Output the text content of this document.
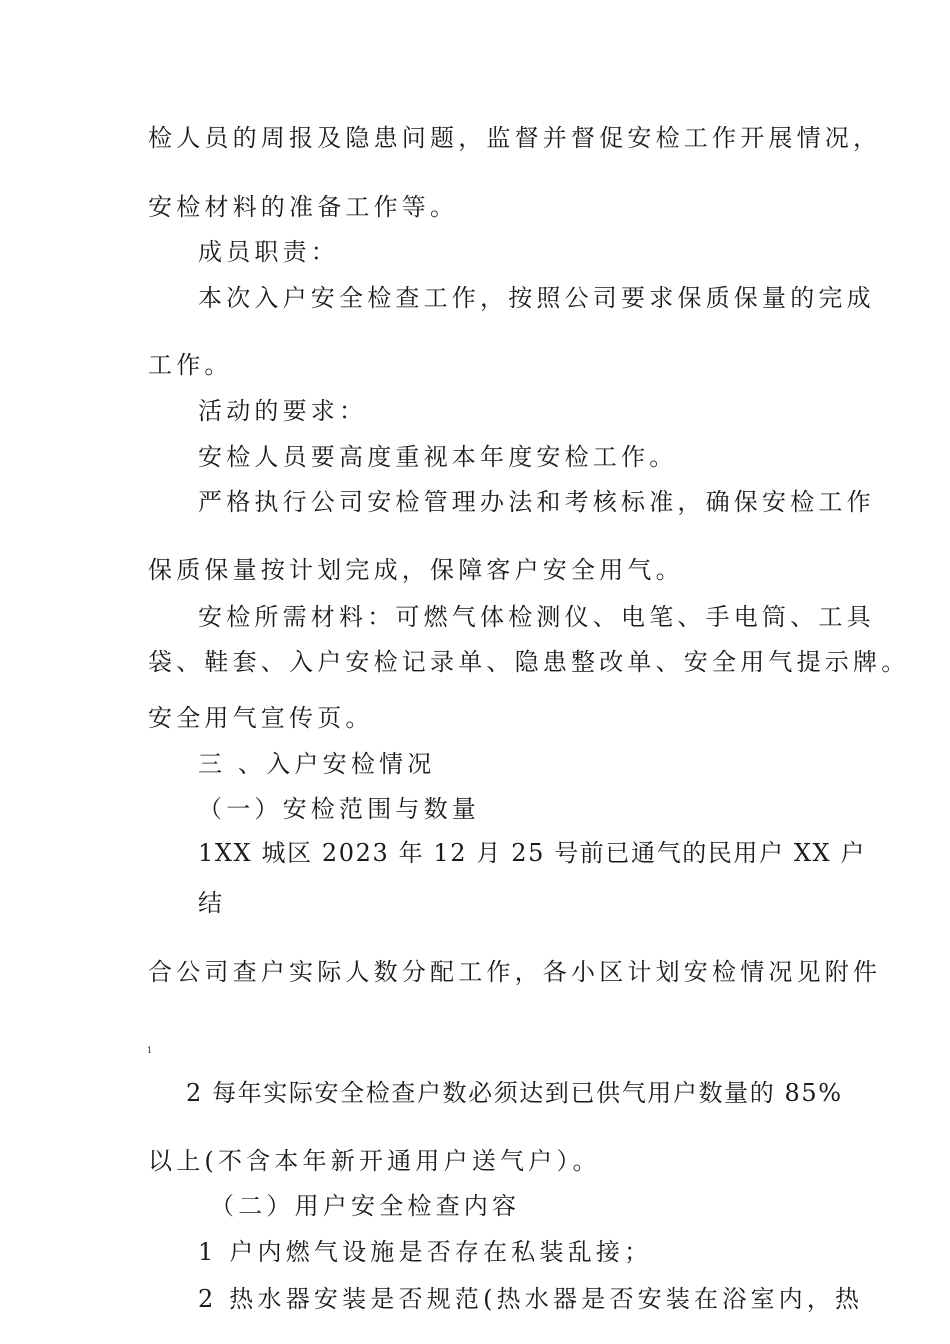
检人员的周报及隐患问题，监督并督促安检工作开展情况，
安检材料的准备工作等。
成员职责：
本次入户安全检查工作，按照公司要求保质保量的完成
工作。
活动的要求：
安检人员要高度重视本年度安检工作。
严格执行公司安检管理办法和考核标准，确保安检工作
保质保量按计划完成，保障客户安全用气。
安检所需材料：可燃气体检测仪、电笔、手电筒、工具
袋、鞋套、入户安检记录单、隐患整改单、安全用气提示牌。
安全用气宣传页。
三 、入户安检情况
（一）安检范围与数量
1XX 城区 2023 年 12 月 25 号前已通气的民用户 XX 户
结
合公司查户实际人数分配工作，各小区计划安检情况见附件
1
2 每年实际安全检查户数必须达到已供气用户数量的 85%
以上(不含本年新开通用户送气户）。
（二）用户安全检查内容
1 户内燃气设施是否存在私装乱接；
2 热水器安装是否规范(热水器是否安装在浴室内，热
